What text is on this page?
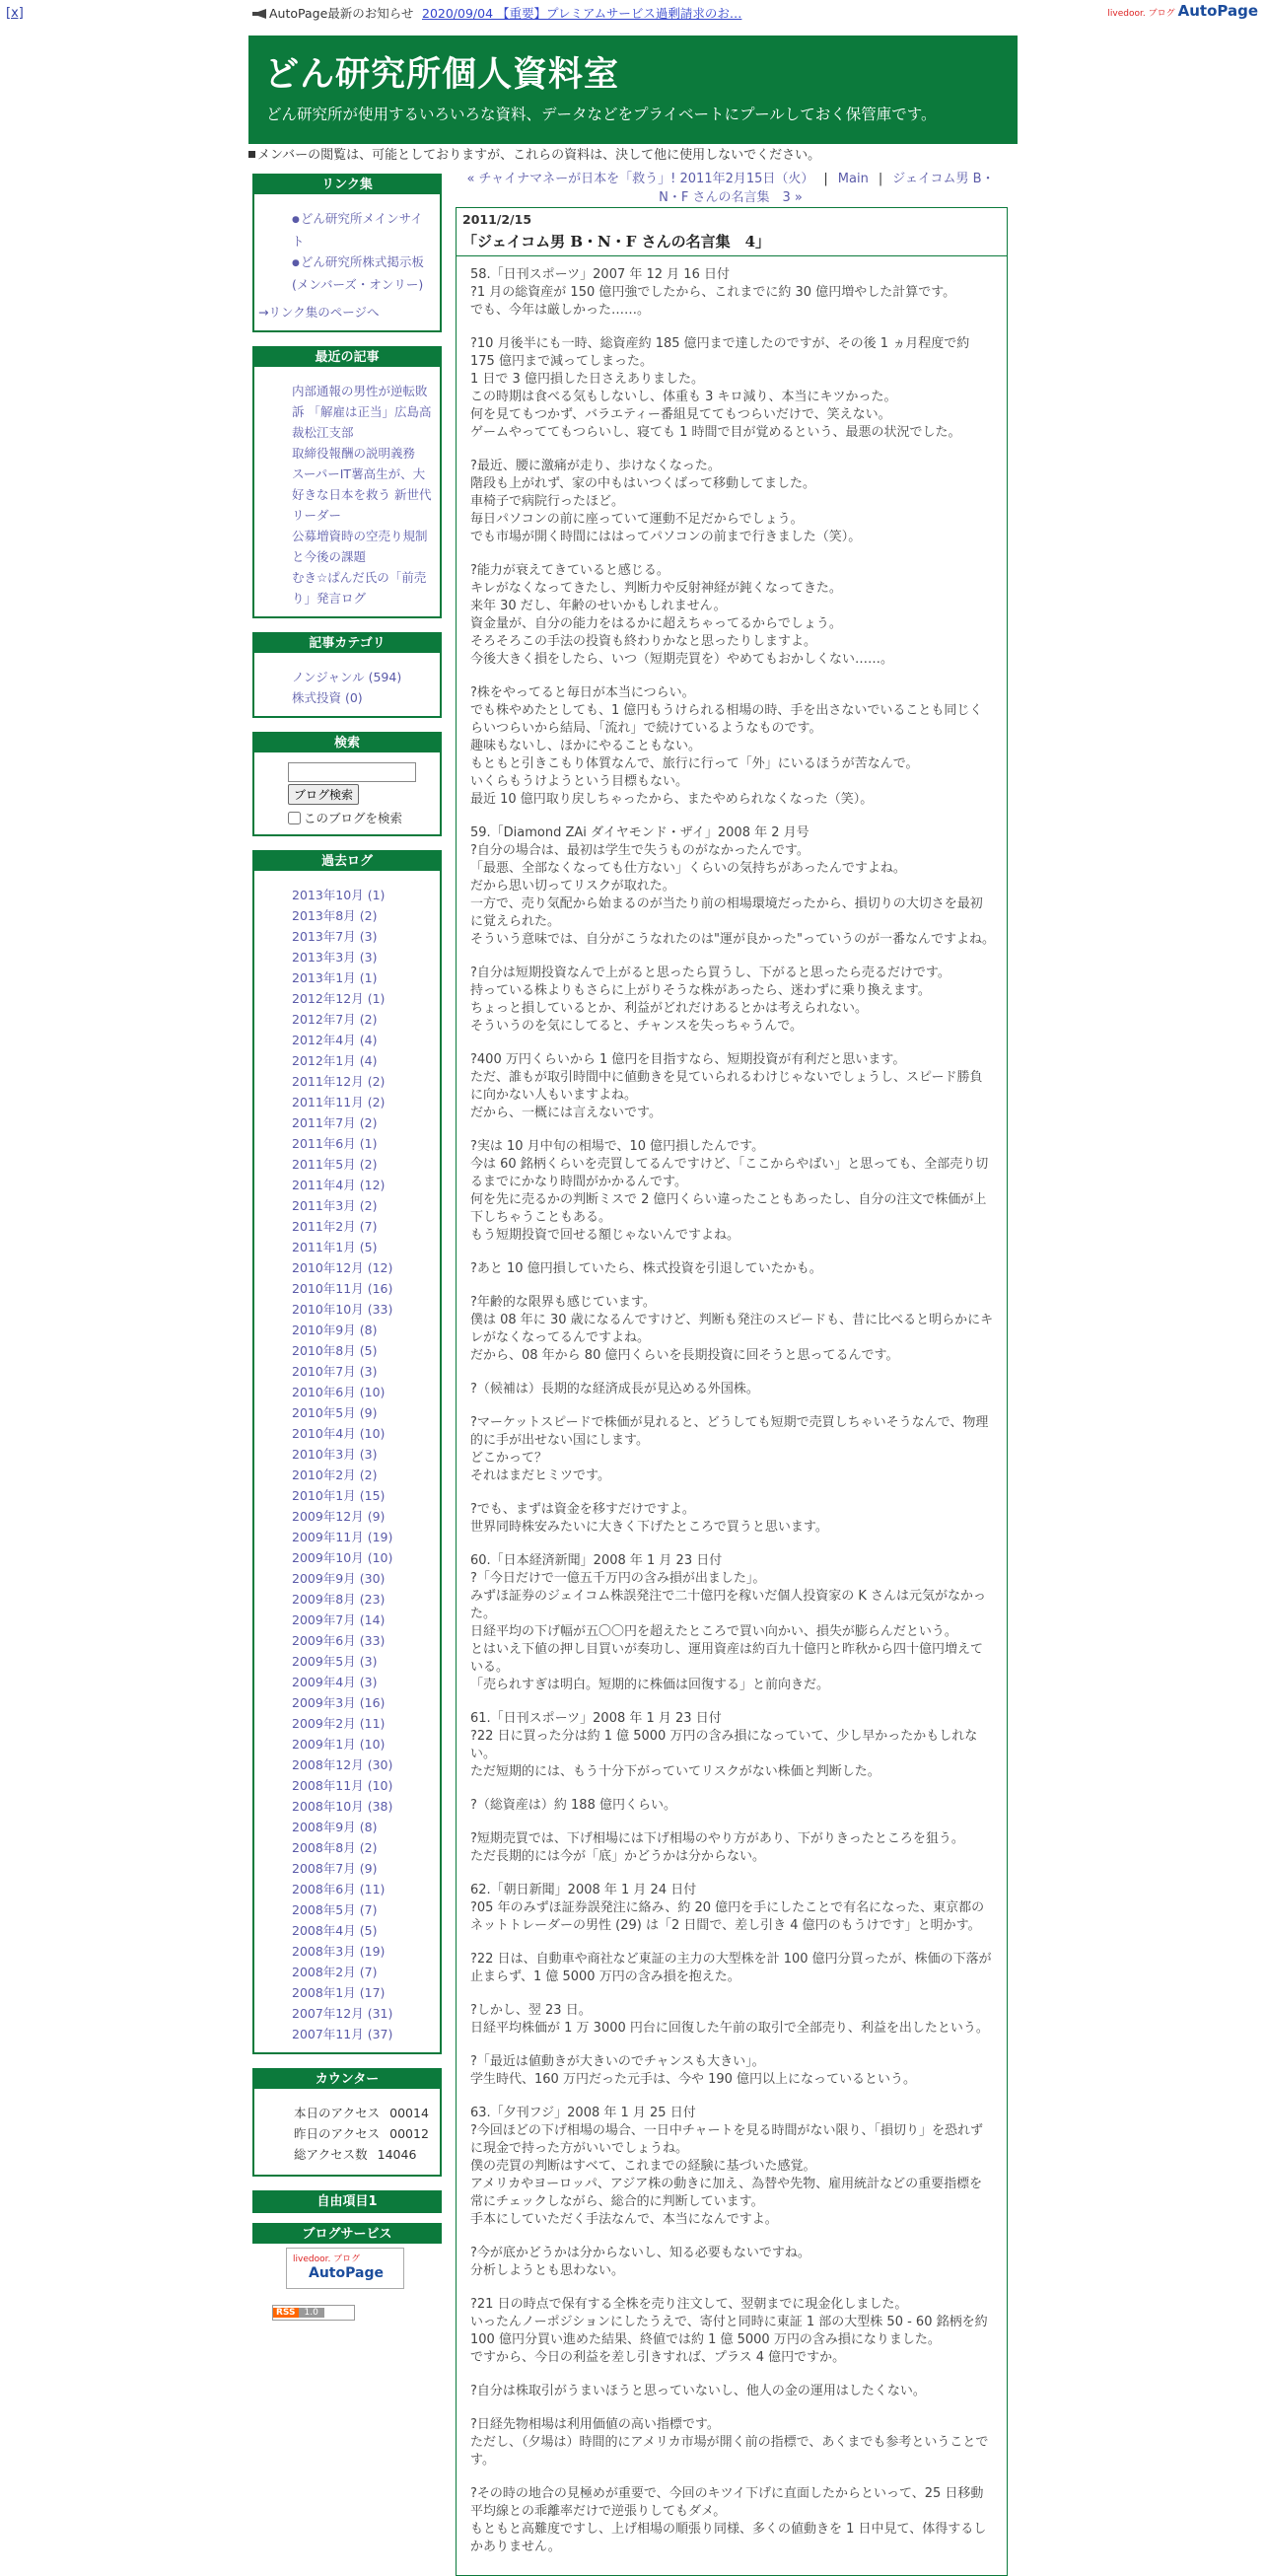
[x]	AutoPage最新のお知らせ 2020/09/04 【重要】プレミアムサービス過剰請求のお…	livedoor. ブログ AutoPage
どん研究所個人資料室

どん研究所が使用するいろいろな資料、データなどをプライベートにプールしておく保管庫です。

メンバーの閲覧は、可能としておりますが、これらの資料は、決して他に使用しないでください。
リンク集
● どん研究所メインサイト
● どん研究所株式掲示板(メンバーズ・オンリー)
→ リンク集のページへ
最近の記事
内部通報の男性が逆転敗訴 「解雇は正当」広島高裁松江支部
取締役報酬の説明義務
スーパーIT薯高生が、大好きな日本を救う 新世代リーダー
公募増資時の空売り規制と今後の課題
むき☆ぱんだ氏の「前売り」発言ログ
記事カテゴリ
ノンジャンル (594)
株式投資 (0)
検索

ブログ検索
このブログを検索
過去ログ
2013年10月 (1)
2013年8月 (2)
2013年7月 (3)
2013年3月 (3)
2013年1月 (1)
2012年12月 (1)
2012年7月 (2)
2012年4月 (4)
2012年1月 (4)
2011年12月 (2)
2011年11月 (2)
2011年7月 (2)
2011年6月 (1)
2011年5月 (2)
2011年4月 (12)
2011年3月 (2)
2011年2月 (7)
2011年1月 (5)
2010年12月 (12)
2010年11月 (16)
2010年10月 (33)
2010年9月 (8)
2010年8月 (5)
2010年7月 (3)
2010年6月 (10)
2010年5月 (9)
2010年4月 (10)
2010年3月 (3)
2010年2月 (2)
2010年1月 (15)
2009年12月 (9)
2009年11月 (19)
2009年10月 (10)
2009年9月 (30)
2009年8月 (23)
2009年7月 (14)
2009年6月 (33)
2009年5月 (3)
2009年4月 (3)
2009年3月 (16)
2009年2月 (11)
2009年1月 (10)
2008年12月 (30)
2008年11月 (10)
2008年10月 (38)
2008年9月 (8)
2008年8月 (2)
2008年7月 (9)
2008年6月 (11)
2008年5月 (7)
2008年4月 (5)
2008年3月 (19)
2008年2月 (7)
2008年1月 (17)
2007年12月 (31)
2007年11月 (37)
カウンター
本日のアクセス 00014
昨日のアクセス 00012
総アクセス数 14046
自由項目1
ブログサービス
livedoor. ブログ
AutoPage
RSS 1.0
« チャイナマネーが日本を「救う」! 2011年2月15日（火） | Main | ジェイコム男 B・N・F さんの名言集　3 »
2011/2/15
「ジェイコム男 B・N・F さんの名言集　4」

58.「日刊スポーツ」2007 年 12 月 16 日付
?1 月の総資産が 150 億円強でしたから、これまでに約 30 億円増やした計算です。
でも、今年は厳しかった……。

?10 月後半にも一時、総資産約 185 億円まで達したのですが、その後 1 ヵ月程度で約 175 億円まで減ってしまった。
1 日で 3 億円損した日さえありました。
この時期は食べる気もしないし、体重も 3 キロ減り、本当にキツかった。
何を見てもつかず、バラエティー番組見ててもつらいだけで、笑えない。
ゲームやっててもつらいし、寝ても 1 時間で目が覚めるという、最悪の状況でした。

?最近、腰に激痛が走り、歩けなくなった。
階段も上がれず、家の中もはいつくばって移動してました。
車椅子で病院行ったほど。
毎日パソコンの前に座っていて運動不足だからでしょう。
でも市場が開く時間にははってパソコンの前まで行きました（笑）。

?能力が衰えてきていると感じる。
キレがなくなってきたし、判断力や反射神経が鈍くなってきた。
来年 30 だし、年齢のせいかもしれません。
資金量が、自分の能力をはるかに超えちゃってるからでしょう。
そろそろこの手法の投資も終わりかなと思ったりしますよ。
今後大きく損をしたら、いつ（短期売買を）やめてもおかしくない……。

?株をやってると毎日が本当につらい。
でも株やめたとしても、1 億円もうけられる相場の時、手を出さないでいることも同じくらいつらいから結局、「流れ」で続けているようなものです。
趣味もないし、ほかにやることもない。
もともと引きこもり体質なんで、旅行に行って「外」にいるほうが苦なんで。
いくらもうけようという目標もない。
最近 10 億円取り戻しちゃったから、またやめられなくなった（笑）。

59.「Diamond ZAi ダイヤモンド・ザイ」2008 年 2 月号
?自分の場合は、最初は学生で失うものがなかったんです。
「最悪、全部なくなっても仕方ない」くらいの気持ちがあったんですよね。
だから思い切ってリスクが取れた。
一方で、売り気配から始まるのが当たり前の相場環境だったから、損切りの大切さを最初に覚えられた。
そういう意味では、自分がこうなれたのは"運が良かった"っていうのが一番なんですよね。

?自分は短期投資なんで上がると思ったら買うし、下がると思ったら売るだけです。
持っている株よりもさらに上がりそうな株があったら、迷わずに乗り換えます。
ちょっと損しているとか、利益がどれだけあるとかは考えられない。
そういうのを気にしてると、チャンスを失っちゃうんで。

?400 万円くらいから 1 億円を目指すなら、短期投資が有利だと思います。
ただ、誰もが取引時間中に値動きを見ていられるわけじゃないでしょうし、スピード勝負に向かない人もいますよね。
だから、一概には言えないです。

?実は 10 月中旬の相場で、10 億円損したんです。
今は 60 銘柄くらいを売買してるんですけど、「ここからやばい」と思っても、全部売り切るまでにかなり時間がかかるんです。
何を先に売るかの判断ミスで 2 億円くらい違ったこともあったし、自分の注文で株価が上下しちゃうこともある。
もう短期投資で回せる額じゃないんですよね。

?あと 10 億円損していたら、株式投資を引退していたかも。

?年齢的な限界も感じています。
僕は 08 年に 30 歳になるんですけど、判断も発注のスピードも、昔に比べると明らかにキレがなくなってるんですよね。
だから、08 年から 80 億円くらいを長期投資に回そうと思ってるんです。

?（候補は）長期的な経済成長が見込める外国株。

?マーケットスピードで株価が見れると、どうしても短期で売買しちゃいそうなんで、物理的に手が出せない国にします。
どこかって？
それはまだヒミツです。

?でも、まずは資金を移すだけですよ。
世界同時株安みたいに大きく下げたところで買うと思います。

60.「日本経済新聞」2008 年 1 月 23 日付
?「今日だけで一億五千万円の含み損が出ました」。
みずほ証券のジェイコム株誤発注で二十億円を稼いだ個人投資家の K さんは元気がなかった。
日経平均の下げ幅が五〇〇円を超えたところで買い向かい、損失が膨らんだという。
とはいえ下値の押し目買いが奏功し、運用資産は約百九十億円と昨秋から四十億円増えている。
「売られすぎは明白。短期的に株価は回復する」と前向きだ。

61.「日刊スポーツ」2008 年 1 月 23 日付
?22 日に買った分は約 1 億 5000 万円の含み損になっていて、少し早かったかもしれない。
ただ短期的には、もう十分下がっていてリスクがない株価と判断した。

?（総資産は）約 188 億円くらい。

?短期売買では、下げ相場には下げ相場のやり方があり、下がりきったところを狙う。
ただ長期的には今が「底」かどうかは分からない。

62.「朝日新聞」2008 年 1 月 24 日付
?05 年のみずほ証券誤発注に絡み、約 20 億円を手にしたことで有名になった、東京都のネットトレーダーの男性 (29) は「2 日間で、差し引き 4 億円のもうけです」と明かす。

?22 日は、自動車や商社など東証の主力の大型株を計 100 億円分買ったが、株価の下落が止まらず、1 億 5000 万円の含み損を抱えた。

?しかし、翌 23 日。
日経平均株価が 1 万 3000 円台に回復した午前の取引で全部売り、利益を出したという。

?「最近は値動きが大きいのでチャンスも大きい」。
学生時代、160 万円だった元手は、今や 190 億円以上になっているという。

63.「夕刊フジ」2008 年 1 月 25 日付
?今回ほどの下げ相場の場合、一日中チャートを見る時間がない限り、「損切り」を恐れずに現金で持った方がいいでしょうね。
僕の売買の判断はすべて、これまでの経験に基づいた感覚。
アメリカやヨーロッパ、アジア株の動きに加え、為替や先物、雇用統計などの重要指標を常にチェックしながら、総合的に判断しています。
手本にしていただく手法なんで、本当になんですよ。

?今が底かどうかは分からないし、知る必要もないですね。
分析しようとも思わない。

?21 日の時点で保有する全株を売り注文して、翌朝までに現金化しました。
いったんノーポジションにしたうえで、寄付と同時に東証 1 部の大型株 50 - 60 銘柄を約 100 億円分買い進めた結果、終値では約 1 億 5000 万円の含み損になりました。
ですから、今日の利益を差し引きすれば、プラス 4 億円ですか。

?自分は株取引がうまいほうと思っていないし、他人の金の運用はしたくない。

?日経先物相場は利用価値の高い指標です。
ただし、（夕場は）時間的にアメリカ市場が開く前の指標で、あくまでも参考ということです。

?その時の地合の見極めが重要で、今回のキツイ下げに直面したからといって、25 日移動平均線との乖離率だけで逆張りしてもダメ。
もともと高難度ですし、上げ相場の順張り同様、多くの値動きを 1 日中見て、体得するしかありません。
